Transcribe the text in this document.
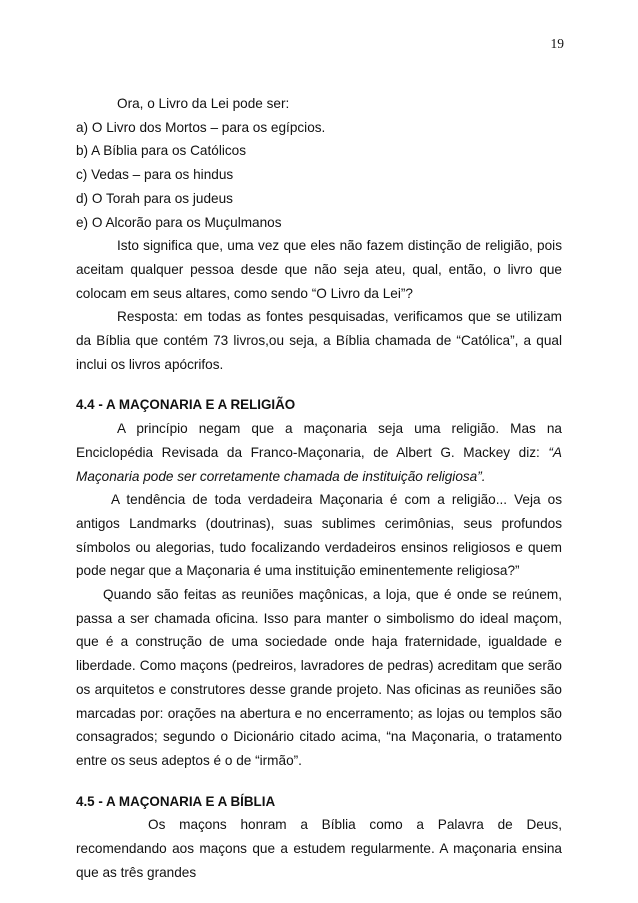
19

Ora, o Livro da Lei pode ser:

a) O Livro dos Mortos – para os egípcios.

b) A Bíblia para os Católicos

c) Vedas – para os hindus

d) O Torah para os judeus

e) O Alcorão para os Muçulmanos

Isto significa que, uma vez que eles não fazem distinção de religião, pois aceitam qualquer pessoa desde que não seja ateu, qual, então, o livro que colocam em seus altares, como sendo “O Livro da Lei”?

Resposta: em todas as fontes pesquisadas, verificamos que se utilizam da Bíblia que contém 73 livros,ou seja, a Bíblia chamada de “Católica”, a qual inclui os livros apócrifos.

4.4 - A MAÇONARIA E A RELIGIÃO

A princípio negam que a maçonaria seja uma religião. Mas na Enciclopédia Revisada da Franco-Maçonaria, de Albert G. Mackey diz: “A Maçonaria pode ser corretamente chamada de instituição religiosa”.

A tendência de toda verdadeira Maçonaria é com a religião... Veja os antigos Landmarks (doutrinas), suas sublimes cerimônias, seus profundos símbolos ou alegorias, tudo focalizando verdadeiros ensinos religiosos e quem pode negar que a Maçonaria é uma instituição eminentemente religiosa?”

Quando são feitas as reuniões maçônicas, a loja, que é onde se reúnem, passa a ser chamada oficina. Isso para manter o simbolismo do ideal maçom, que é a construção de uma sociedade onde haja fraternidade, igualdade e liberdade. Como maçons (pedreiros, lavradores de pedras) acreditam que serão os arquitetos e construtores desse grande projeto. Nas oficinas as reuniões são marcadas por: orações na abertura e no encerramento; as lojas ou templos são consagrados; segundo o Dicionário citado acima, “na Maçonaria, o tratamento entre os seus adeptos é o de “irmão”.

4.5 - A MAÇONARIA E A BÍBLIA

Os maçons honram a Bíblia como a Palavra de Deus, recomendando aos maçons que a estudem regularmente. A maçonaria ensina que as três grandes
